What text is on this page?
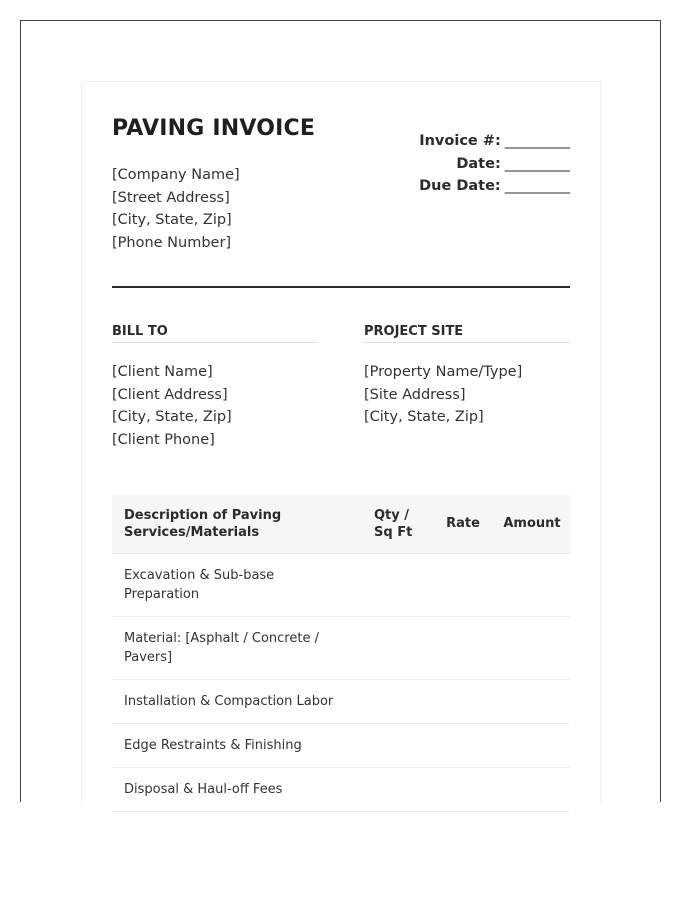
PAVING INVOICE
[Company Name]
[Street Address]
[City, State, Zip]
[Phone Number]
Invoice #: _________
Date: _________
Due Date: _________
BILL TO
[Client Name]
[Client Address]
[City, State, Zip]
[Client Phone]
PROJECT SITE
[Property Name/Type]
[Site Address]
[City, State, Zip]
Description of Paving Services/Materials	Qty / Sq Ft	Rate	Amount
Excavation & Sub-base Preparation			
Material: [Asphalt / Concrete / Pavers]			
Installation & Compaction Labor			
Edge Restraints & Finishing			
Disposal & Haul-off Fees			
